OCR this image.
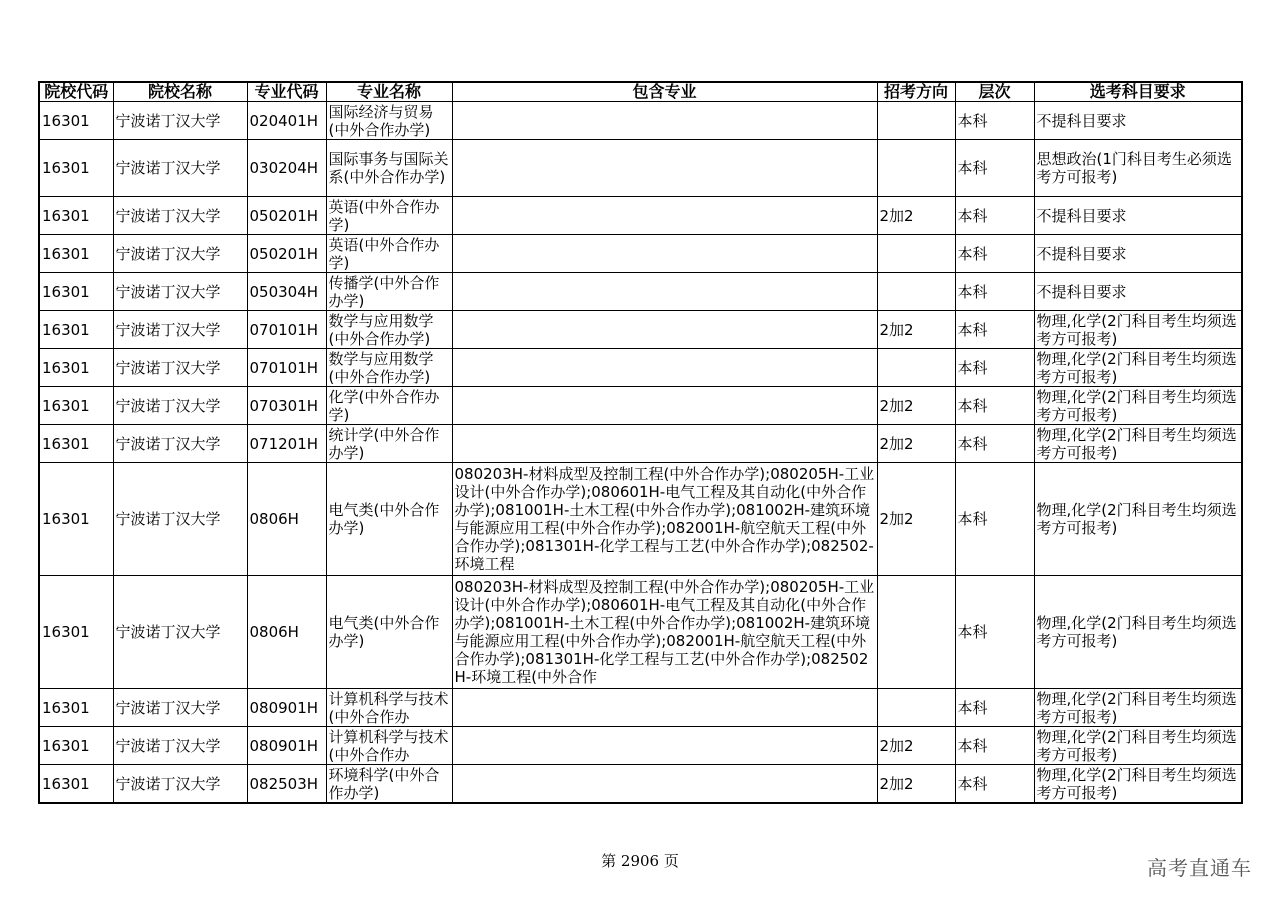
院校代码	院校名称	专业代码	专业名称	包含专业	招考方向	层次	选考科目要求

16301	宁波诺丁汉大学	020401H	国际经济与贸易(中外合作办学)			本科	不提科目要求

16301	宁波诺丁汉大学	030204H	国际事务与国际关系(中外合作办学)			本科	思想政治(1门科目考生必须选考方可报考)

16301	宁波诺丁汉大学	050201H	英语(中外合作办学)		2加2	本科	不提科目要求

16301	宁波诺丁汉大学	050201H	英语(中外合作办学)			本科	不提科目要求

16301	宁波诺丁汉大学	050304H	传播学(中外合作办学)			本科	不提科目要求

16301	宁波诺丁汉大学	070101H	数学与应用数学(中外合作办学)		2加2	本科	物理,化学(2门科目考生均须选考方可报考)

16301	宁波诺丁汉大学	070101H	数学与应用数学(中外合作办学)			本科	物理,化学(2门科目考生均须选考方可报考)

16301	宁波诺丁汉大学	070301H	化学(中外合作办学)		2加2	本科	物理,化学(2门科目考生均须选考方可报考)

16301	宁波诺丁汉大学	071201H	统计学(中外合作办学)		2加2	本科	物理,化学(2门科目考生均须选考方可报考)

16301	宁波诺丁汉大学	0806H	电气类(中外合作办学)	080203H-材料成型及控制工程(中外合作办学);080205H-工业设计(中外合作办学);080601H-电气工程及其自动化(中外合作办学);081001H-土木工程(中外合作办学);081002H-建筑环境与能源应用工程(中外合作办学);082001H-航空航天工程(中外合作办学);081301H-化学工程与工艺(中外合作办学);082502-环境工程	2加2	本科	物理,化学(2门科目考生均须选考方可报考)

16301	宁波诺丁汉大学	0806H	电气类(中外合作办学)	080203H-材料成型及控制工程(中外合作办学);080205H-工业设计(中外合作办学);080601H-电气工程及其自动化(中外合作办学);081001H-土木工程(中外合作办学);081002H-建筑环境与能源应用工程(中外合作办学);082001H-航空航天工程(中外合作办学);081301H-化学工程与工艺(中外合作办学);082502H-环境工程(中外合作		本科	物理,化学(2门科目考生均须选考方可报考)

16301	宁波诺丁汉大学	080901H	计算机科学与技术(中外合作办			本科	物理,化学(2门科目考生均须选考方可报考)

16301	宁波诺丁汉大学	080901H	计算机科学与技术(中外合作办		2加2	本科	物理,化学(2门科目考生均须选考方可报考)

16301	宁波诺丁汉大学	082503H	环境科学(中外合作办学)		2加2	本科	物理,化学(2门科目考生均须选考方可报考)
第 2906 页	高考直通车
